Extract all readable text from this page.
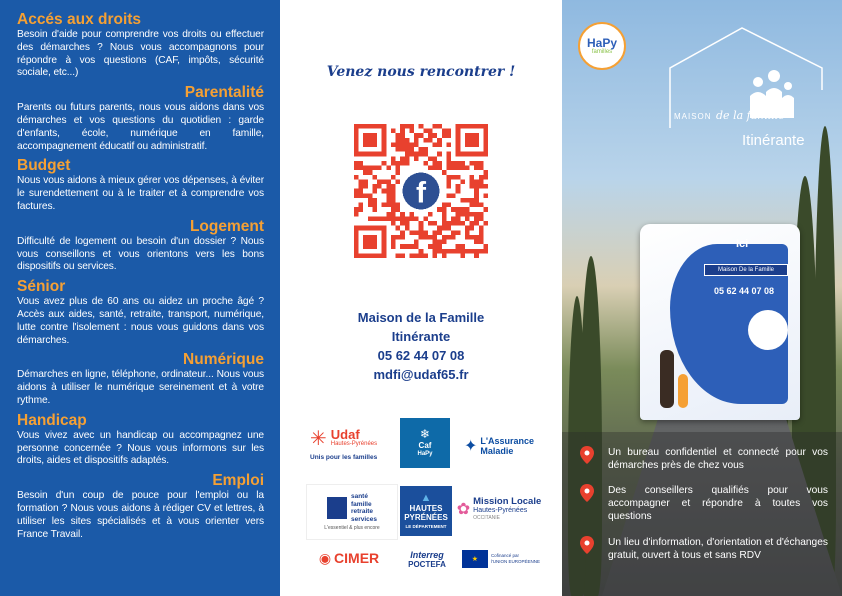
Accés aux droits
Besoin d'aide pour comprendre vos droits ou effectuer des démarches ? Nous vous accompagnons pour répondre à vos questions (CAF, impôts, sécurité sociale, etc...)
Parentalité
Parents ou futurs parents, nous vous aidons dans vos démarches et vos questions du quotidien : garde d'enfants, école, numérique en famille, accompagnement éducatif ou administratif.
Budget
Nous vous aidons à mieux gérer vos dépenses, à éviter le surendettement ou à le traiter et à comprendre vos factures.
Logement
Difficulté de logement ou besoin d'un dossier ? Nous vous conseillons et vous orientons vers les bons dispositifs ou services.
Sénior
Vous avez plus de 60 ans ou aidez un proche âgé ? Accès aux aides, santé, retraite, transport, numérique, lutte contre l'isolement : nous vous guidons dans vos démarches.
Numérique
Démarches en ligne, téléphone, ordinateur... Nous vous aidons à utiliser le numérique sereinement et à votre rythme.
Handicap
Vous vivez avec un handicap ou accompagnez une personne concernée ? Nous vous informons sur les droits, aides et dispositifs adaptés.
Emploi
Besoin d'un coup de pouce pour l'emploi ou la formation ? Nous vous aidons à rédiger CV et lettres, à utiliser les sites spécialisés et à vous orienter vers France Travail.
Venez nous rencontrer !
f
Maison de la Famille
Itinérante
05 62 44 07 08
mdfi@udaf65.fr
✳ Udaf
Hautes-Pyrénées
Unis pour les familles
❄
Caf
HaPy ✦ L'Assurance
Maladie
santé
famille
retraite
services
L'essentiel & plus encore
▲
HAUTES
PYRÉNÉES
LE DÉPARTEMENT
✿ Mission Locale
Hautes-Pyrénées
OCCITANIE
◉ CIMER	Interreg
POCTEFA	★
Cofinancé par
l'UNION EUROPÉENNE
HaPy
familles
MAISON de la famille
Itinérante
Ici
Maison De la Famille
05 62 44 07 08
Un bureau confidentiel et connecté pour vos démarches près de chez vous
Des conseillers qualifiés pour vous accompagner et répondre à toutes vos questions
Un lieu d'information, d'orientation et d'échanges gratuit, ouvert à tous et sans RDV
